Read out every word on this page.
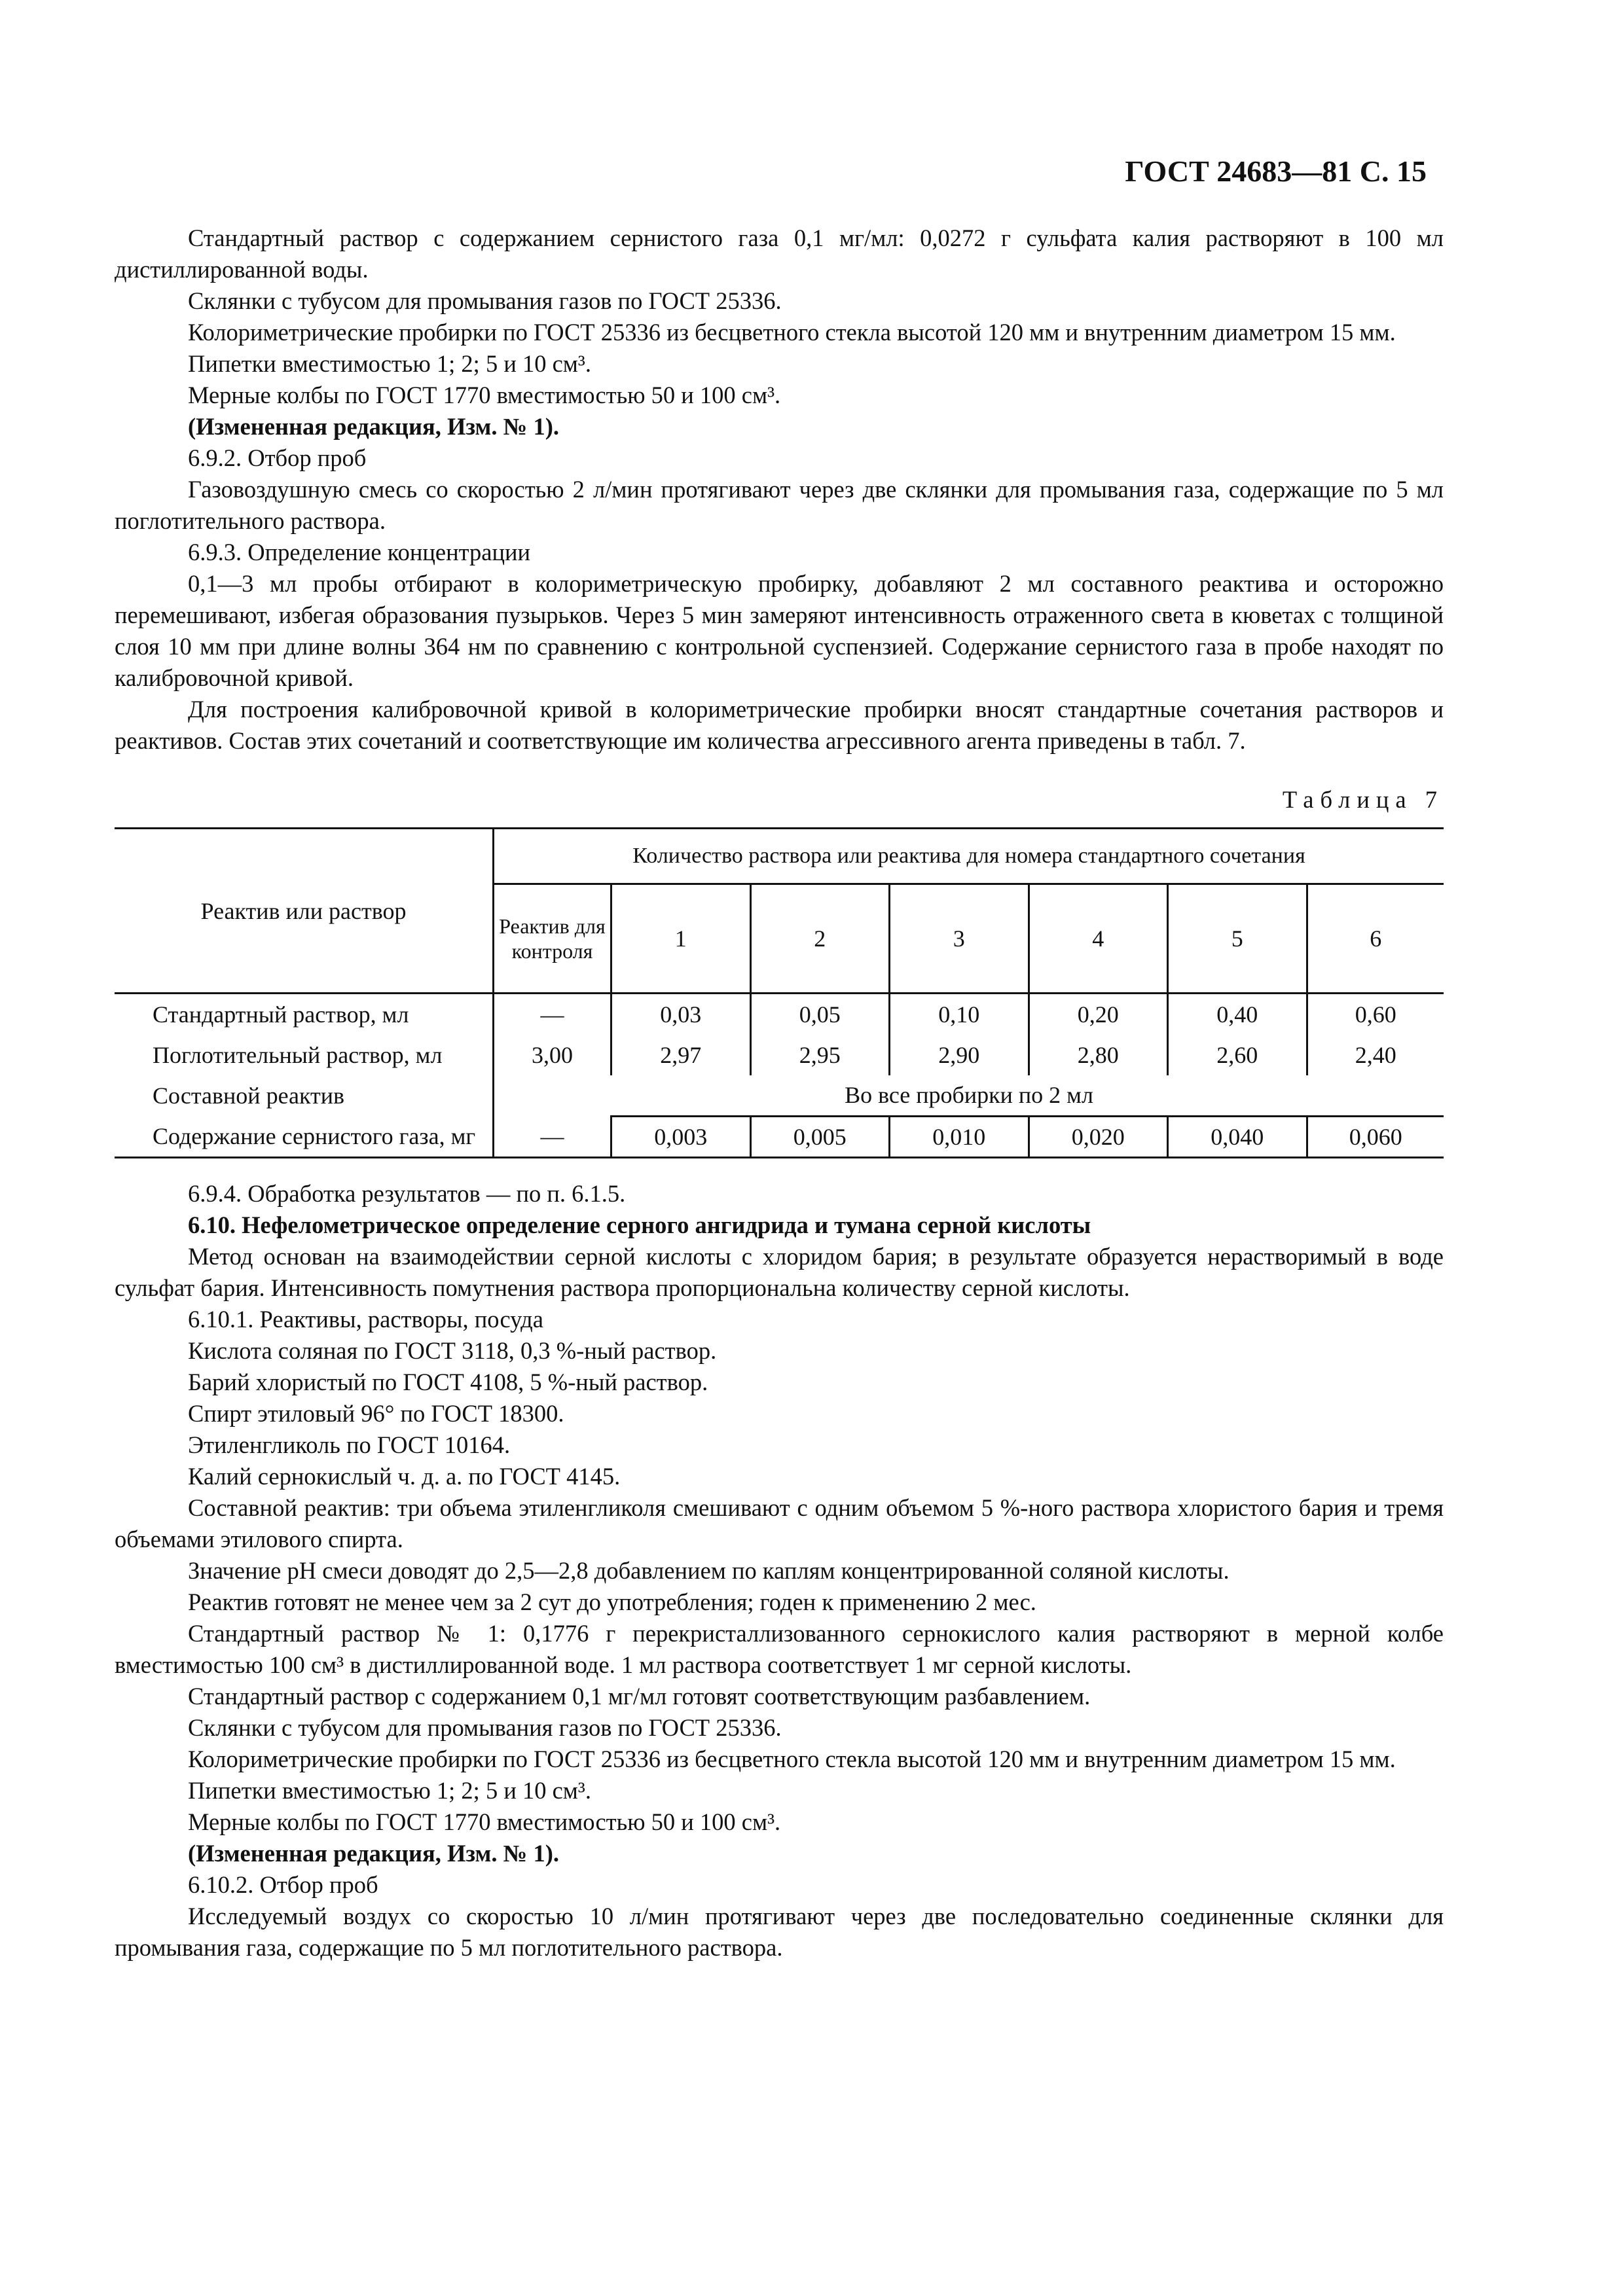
ГОСТ 24683—81 С. 15

Стандартный раствор с содержанием сернистого газа 0,1 мг/мл: 0,0272 г сульфата калия растворяют в 100 мл дистиллированной воды.

Склянки с тубусом для промывания газов по ГОСТ 25336.

Колориметрические пробирки по ГОСТ 25336 из бесцветного стекла высотой 120 мм и внутренним диаметром 15 мм.

Пипетки вместимостью 1; 2; 5 и 10 см³.

Мерные колбы по ГОСТ 1770 вместимостью 50 и 100 см³.

(Измененная редакция, Изм. № 1).

6.9.2. Отбор проб

Газовоздушную смесь со скоростью 2 л/мин протягивают через две склянки для промывания газа, содержащие по 5 мл поглотительного раствора.

6.9.3. Определение концентрации

0,1—3 мл пробы отбирают в колориметрическую пробирку, добавляют 2 мл составного реактива и осторожно перемешивают, избегая образования пузырьков. Через 5 мин замеряют интенсивность отраженного света в кюветах с толщиной слоя 10 мм при длине волны 364 нм по сравнению с контрольной суспензией. Содержание сернистого газа в пробе находят по калибровочной кривой.

Для построения калибровочной кривой в колориметрические пробирки вносят стандартные сочетания растворов и реактивов. Состав этих сочетаний и соответствующие им количества агрессивного агента приведены в табл. 7.

Таблица 7
Реактив или раствор	Количество раствора или реактива для номера стандартного сочетания						
	Реактив для контроля	1	2	3	4	5	6
Стандартный раствор, мл	—	0,03	0,05	0,10	0,20	0,40	0,60
Поглотительный раствор, мл	3,00	2,97	2,95	2,90	2,80	2,60	2,40
Составной реактив	Во все пробирки по 2 мл						
Содержание сернистого газа, мг	—	0,003	0,005	0,010	0,020	0,040	0,060

6.9.4. Обработка результатов — по п. 6.1.5.

6.10. Нефелометрическое определение серного ангидрида и тумана серной кислоты

Метод основан на взаимодействии серной кислоты с хлоридом бария; в результате образуется нерастворимый в воде сульфат бария. Интенсивность помутнения раствора пропорциональна количеству серной кислоты.

6.10.1. Реактивы, растворы, посуда

Кислота соляная по ГОСТ 3118, 0,3 %-ный раствор.

Барий хлористый по ГОСТ 4108, 5 %-ный раствор.

Спирт этиловый 96° по ГОСТ 18300.

Этиленгликоль по ГОСТ 10164.

Калий сернокислый ч. д. а. по ГОСТ 4145.

Составной реактив: три объема этиленгликоля смешивают с одним объемом 5 %-ного раствора хлористого бария и тремя объемами этилового спирта.

Значение pH смеси доводят до 2,5—2,8 добавлением по каплям концентрированной соляной кислоты.

Реактив готовят не менее чем за 2 сут до употребления; годен к применению 2 мес.

Стандартный раствор № 1: 0,1776 г перекристаллизованного сернокислого калия растворяют в мерной колбе вместимостью 100 см³ в дистиллированной воде. 1 мл раствора соответствует 1 мг серной кислоты.

Стандартный раствор с содержанием 0,1 мг/мл готовят соответствующим разбавлением.

Склянки с тубусом для промывания газов по ГОСТ 25336.

Колориметрические пробирки по ГОСТ 25336 из бесцветного стекла высотой 120 мм и внутренним диаметром 15 мм.

Пипетки вместимостью 1; 2; 5 и 10 см³.

Мерные колбы по ГОСТ 1770 вместимостью 50 и 100 см³.

(Измененная редакция, Изм. № 1).

6.10.2. Отбор проб

Исследуемый воздух со скоростью 10 л/мин протягивают через две последовательно соединенные склянки для промывания газа, содержащие по 5 мл поглотительного раствора.
